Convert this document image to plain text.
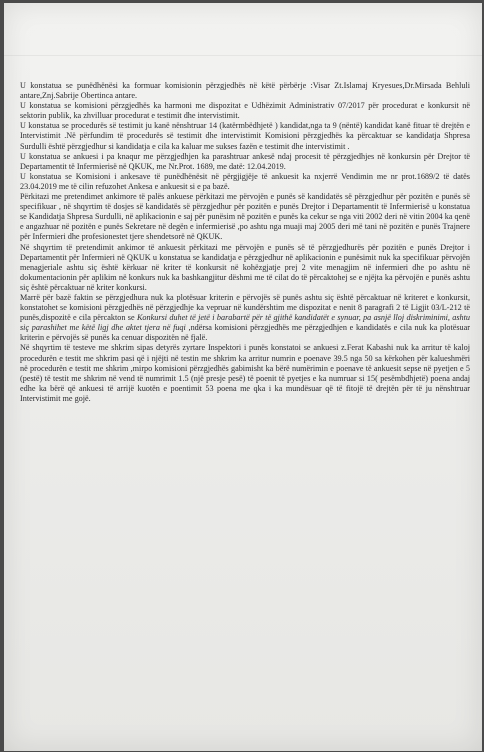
U konstatua se punëdhënësi ka formuar komisionin përzgjedhës në këtë përbërje :Visar Zt.Islamaj Kryesues,Dr.Mirsada Behluli antare,Znj.Sabrije Obertinca antare.

U konstatua se komisioni përzgjedhës ka harmoni me dispozitat e Udhëzimit Administrativ 07/2017 për procedurat e konkursit në sektorin publik, ka zhvilluar procedurat e testimit dhe intervistimit.

U konstatua se procedurës së testimit ju kanë nënshtruar 14 (katërmbëdhjetë ) kandidat,nga ta 9 (nëntë) kandidat kanë fituar të drejtën e Intervistimit .Në përfundim të procedurës së testimit dhe intervistimit Komisioni përzgjedhës ka përcaktuar se kandidatja Shpresa Surdulli është përzgjedhur si kandidatja e cila ka kaluar me sukses fazën e testimit dhe intervistimit .

U konstatua se ankuesi i pa knaqur me përzgjedhjen ka parashtruar ankesë ndaj procesit të përzgjedhjes në konkursin për Drejtor të Departamentit të Infermierisë në QKUK, me Nr.Prot. 1689, me datë: 12.04.2019.

U konstatua se Komisioni i ankesave të punëdhënësit në përgjigjëje të ankuesit ka nxjerrë Vendimin me nr prot.1689/2 të datës 23.04.2019 me të cilin refuzohet Ankesa e ankuesit si e pa bazë.

Përkitazi me pretendimet ankimore të palës ankuese përkitazi me përvojën e punës së kandidatës së përzgjedhur për pozitën e punës së specifikuar , në shqyrtim të dosjes së kandidatës së përzgjedhur për pozitën e punës Drejtor i Departamentit të Infermierisë u konstatua se Kandidatja Shpresa Surdulli, në aplikacionin e saj për punësim në pozitën e punës ka cekur se nga viti 2002 deri në vitin 2004 ka qenë e angazhuar në pozitën e punës Sekretare në degën e infermierisë ,po ashtu nga muaji maj 2005 deri më tani në pozitën e punës Trajnere për Infermieri dhe profesionestet tjere shendetsorë në QKUK.

Në shqyrtim të pretendimit ankimor të ankuesit përkitazi me përvojën e punës së të përzgjedhurës për pozitën e punës Drejtor i Departamentit për Infermieri në QKUK u konstatua se kandidatja e përzgjedhur në aplikacionin e punësimit nuk ka specifikuar përvojën menagjeriale ashtu siç është kërkuar në kriter të konkursit në kohëzgjatje prej 2 vite menagjim në infermieri dhe po ashtu në dokumentacionin për aplikim në konkurs nuk ka bashkangjitur dëshmi me të cilat do të përcaktohej se e njëjta ka përvojën e punës ashtu siç është përcaktuar në kriter konkursi.

Marrë për bazë faktin se përzgjedhura nuk ka plotësuar kriterin e përvojës së punës ashtu siç është përcaktuar në kriteret e konkursit, konstatohet se komisioni përzgjedhës në përzgjedhje ka vepruar në kundërshtim me dispozitat e nenit 8 paragrafi 2 të Ligjit 03/L-212 të punës,dispozitë e cila përcakton se Konkursi duhet të jetë i barabartë për të gjithë kandidatët e synuar, pa asnjë lloj diskriminimi, ashtu siç parashihet me këtë ligj dhe aktet tjera në fuqi ,ndërsa komisioni përzgjedhës me përzgjedhjen e kandidatës e cila nuk ka plotësuar kriterin e përvojës së punës ka cenuar dispozitën në fjalë.

Në shqyrtim të testeve me shkrim sipas detyrës zyrtare Inspektori i punës konstatoi se ankuesi z.Ferat Kabashi nuk ka arritur të kaloj procedurën e testit me shkrim pasi që i njëjti në testin me shkrim ka arritur numrin e poenave 39.5 nga 50 sa kërkohen për kalueshmëri në procedurën e testit me shkrim ,mirpo komisioni përzgjedhës gabimisht ka bërë numërimin e poenave të ankuesit sepse në pyetjen e 5 (pestë) të testit me shkrim në vend të numrimit 1.5 (një presje pesë) të poenit të pyetjes e ka numruar si 15( pesëmbdhjetë) poena andaj edhe ka bërë që ankuesi të arrijë kuotën e poentimit 53 poena me qka i ka mundësuar që të fitojë të drejtën për të ju nënshtruar Intervistimit me gojë.
